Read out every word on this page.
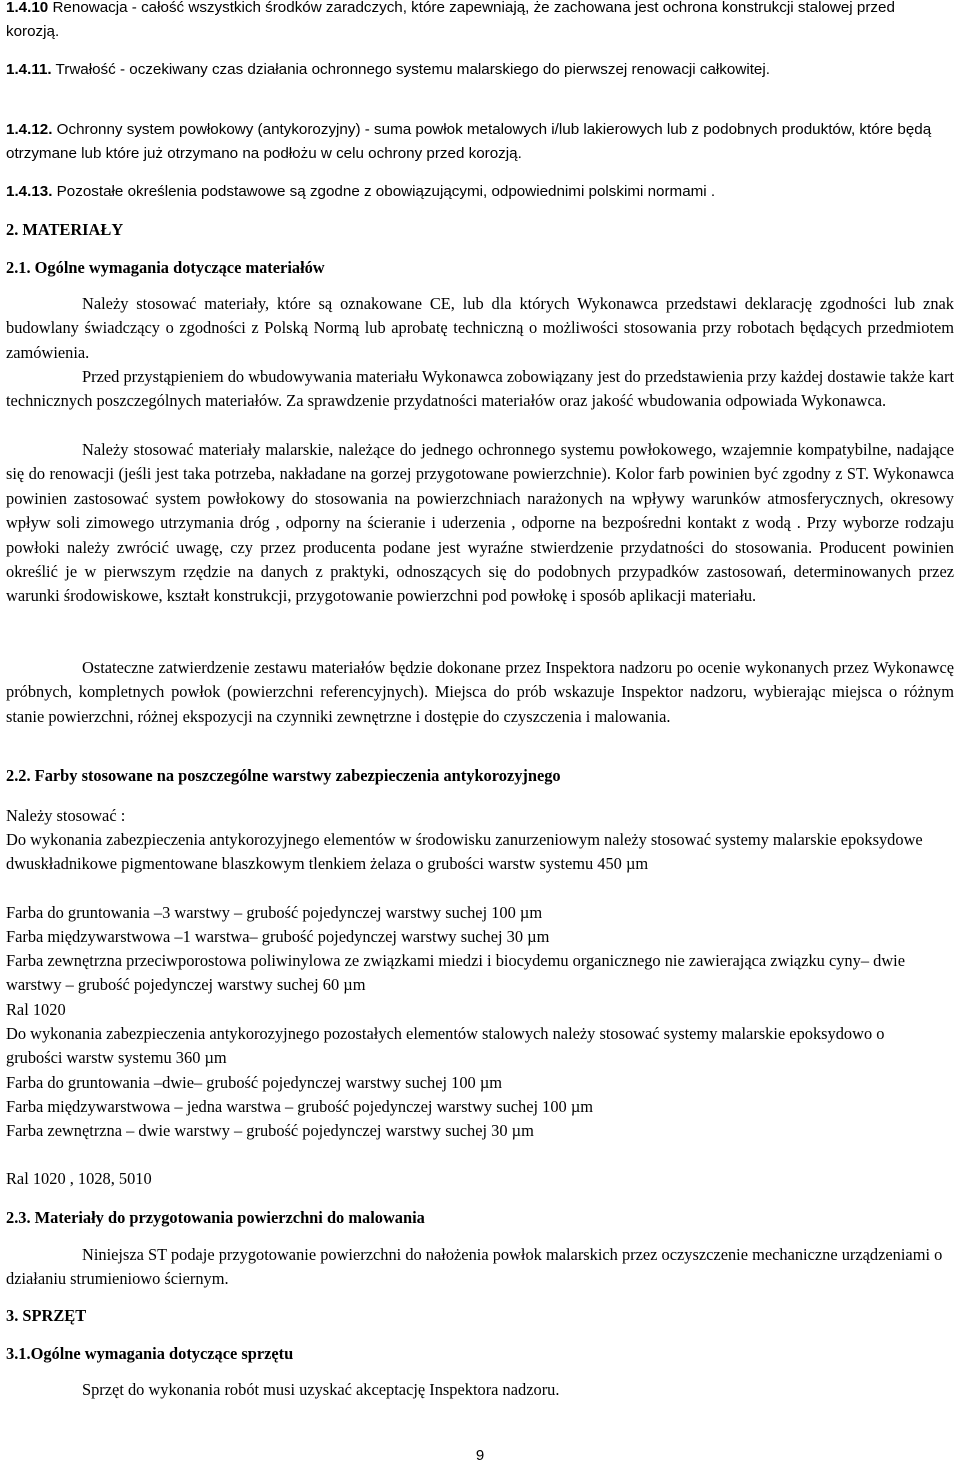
1.4.10 Renowacja - całość wszystkich środków zaradczych, które zapewniają, że zachowana jest ochrona konstrukcji stalowej przed korozją.

1.4.11. Trwałość - oczekiwany czas działania ochronnego systemu malarskiego do pierwszej renowacji całkowitej.

1.4.12. Ochronny system powłokowy (antykorozyjny) - suma powłok metalowych i/lub lakierowych lub z podobnych produktów, które będą otrzymane lub które już otrzymano na podłożu w celu ochrony przed korozją.

1.4.13. Pozostałe określenia podstawowe są zgodne z obowiązującymi, odpowiednimi polskimi normami .

2. MATERIAŁY

2.1. Ogólne wymagania dotyczące materiałów

Należy stosować materiały, które są oznakowane CE, lub dla których Wykonawca przedstawi deklarację zgodności lub znak budowlany świadczący o zgodności z Polską Normą lub aprobatę techniczną o możliwości stosowania przy robotach będących przedmiotem zamówienia.

Przed przystąpieniem do wbudowywania materiału Wykonawca zobowiązany jest do przedstawienia przy każdej dostawie także kart technicznych poszczególnych materiałów. Za sprawdzenie przydatności materiałów oraz jakość wbudowania odpowiada Wykonawca.

Należy stosować materiały malarskie, należące do jednego ochronnego systemu powłokowego, wzajemnie kompatybilne, nadające się do renowacji (jeśli jest taka potrzeba, nakładane na gorzej przygotowane powierzchnie). Kolor farb powinien być zgodny z ST. Wykonawca powinien zastosować system powłokowy do stosowania na powierzchniach narażonych na wpływy warunków atmosferycznych, okresowy wpływ soli zimowego utrzymania dróg , odporny na ścieranie i uderzenia , odporne na bezpośredni kontakt z wodą . Przy wyborze rodzaju powłoki należy zwrócić uwagę, czy przez producenta podane jest wyraźne stwierdzenie przydatności do stosowania. Producent powinien określić je w pierwszym rzędzie na danych z praktyki, odnoszących się do podobnych przypadków zastosowań, determinowanych przez warunki środowiskowe, kształt konstrukcji, przygotowanie powierzchni pod powłokę i sposób aplikacji materiału.

Ostateczne zatwierdzenie zestawu materiałów będzie dokonane przez Inspektora nadzoru po ocenie wykonanych przez Wykonawcę próbnych, kompletnych powłok (powierzchni referencyjnych). Miejsca do prób wskazuje Inspektor nadzoru, wybierając miejsca o różnym stanie powierzchni, różnej ekspozycji na czynniki zewnętrzne i dostępie do czyszczenia i malowania.

2.2. Farby stosowane na poszczególne warstwy zabezpieczenia antykorozyjnego

Należy stosować :

Do wykonania zabezpieczenia antykorozyjnego elementów w środowisku zanurzeniowym należy stosować systemy malarskie epoksydowe dwuskładnikowe pigmentowane blaszkowym tlenkiem żelaza o grubości warstw systemu 450 µm

Farba do gruntowania –3 warstwy – grubość pojedynczej warstwy suchej 100 µm

Farba międzywarstwowa –1 warstwa– grubość pojedynczej warstwy suchej 30 µm

Farba zewnętrzna przeciwporostowa poliwinylowa ze związkami miedzi i biocydemu organicznego nie zawierająca związku cyny– dwie warstwy – grubość pojedynczej warstwy suchej 60 µm

Ral 1020

Do wykonania zabezpieczenia antykorozyjnego pozostałych elementów stalowych należy stosować systemy malarskie epoksydowo o grubości warstw systemu 360 µm

Farba do gruntowania –dwie– grubość pojedynczej warstwy suchej 100 µm

Farba międzywarstwowa – jedna warstwa – grubość pojedynczej warstwy suchej 100 µm

Farba zewnętrzna – dwie warstwy – grubość pojedynczej warstwy suchej 30 µm

Ral 1020 , 1028, 5010

2.3. Materiały do przygotowania powierzchni do malowania

Niniejsza ST podaje przygotowanie powierzchni do nałożenia powłok malarskich przez oczyszczenie mechaniczne urządzeniami o działaniu strumieniowo ściernym.

3. SPRZĘT

3.1.Ogólne wymagania dotyczące sprzętu

Sprzęt do wykonania robót musi uzyskać akceptację Inspektora nadzoru.

9
